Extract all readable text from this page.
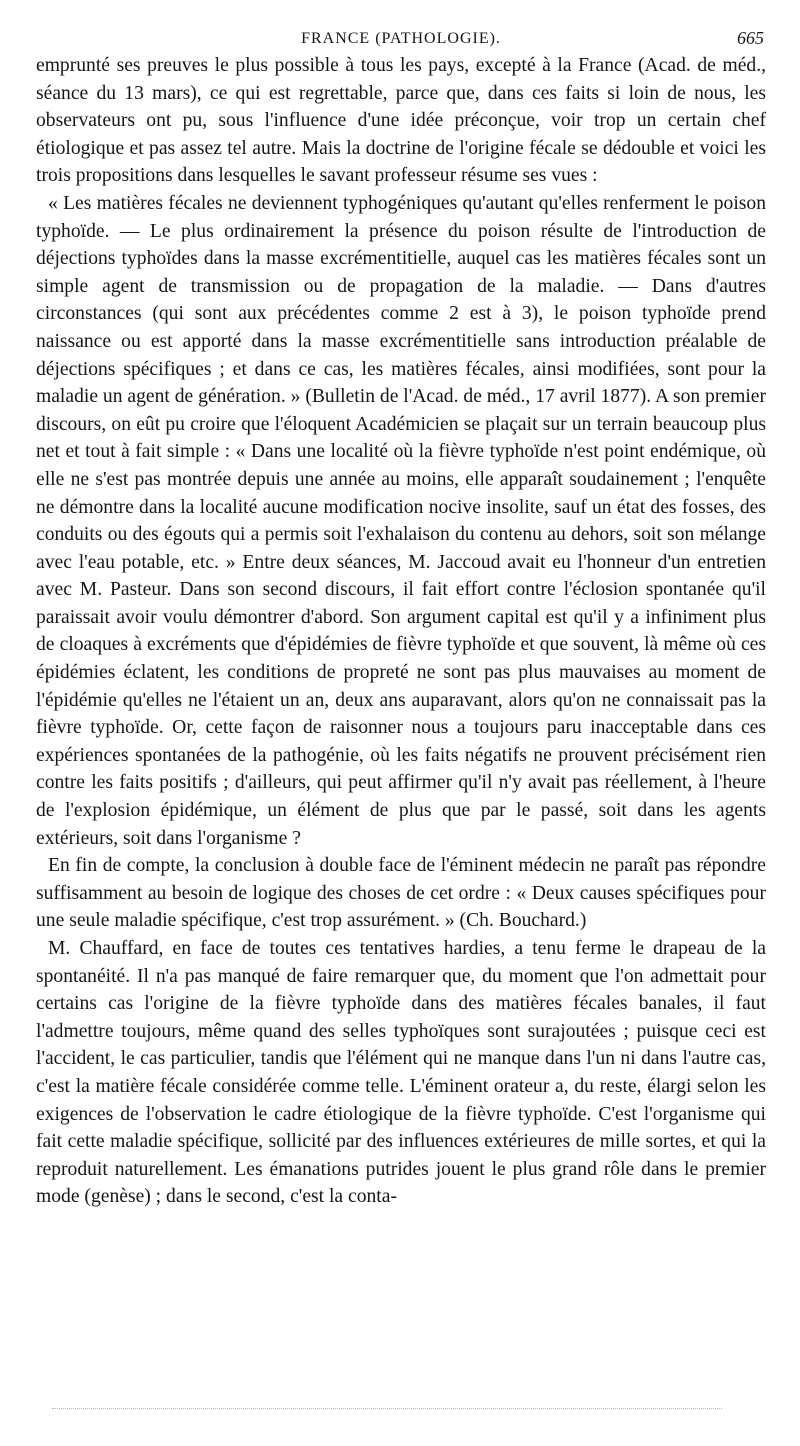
FRANCE (PATHOLOGIE).	665

emprunté ses preuves le plus possible à tous les pays, excepté à la France (Acad. de méd., séance du 13 mars), ce qui est regrettable, parce que, dans ces faits si loin de nous, les observateurs ont pu, sous l'influence d'une idée préconçue, voir trop un certain chef étiologique et pas assez tel autre. Mais la doctrine de l'origine fécale se dédouble et voici les trois propositions dans lesquelles le savant professeur résume ses vues :

« Les matières fécales ne deviennent typhogéniques qu'autant qu'elles renferment le poison typhoïde. — Le plus ordinairement la présence du poison résulte de l'introduction de déjections typhoïdes dans la masse excrémentitielle, auquel cas les matières fécales sont un simple agent de transmission ou de propagation de la maladie. — Dans d'autres circonstances (qui sont aux précédentes comme 2 est à 3), le poison typhoïde prend naissance ou est apporté dans la masse excrémentitielle sans introduction préalable de déjections spécifiques ; et dans ce cas, les matières fécales, ainsi modifiées, sont pour la maladie un agent de génération. » (Bulletin de l'Acad. de méd., 17 avril 1877). A son premier discours, on eût pu croire que l'éloquent Académicien se plaçait sur un terrain beaucoup plus net et tout à fait simple : « Dans une localité où la fièvre typhoïde n'est point endémique, où elle ne s'est pas montrée depuis une année au moins, elle apparaît soudainement ; l'enquête ne démontre dans la localité aucune modification nocive insolite, sauf un état des fosses, des conduits ou des égouts qui a permis soit l'exhalaison du contenu au dehors, soit son mélange avec l'eau potable, etc. » Entre deux séances, M. Jaccoud avait eu l'honneur d'un entretien avec M. Pasteur. Dans son second discours, il fait effort contre l'éclosion spontanée qu'il paraissait avoir voulu démontrer d'abord. Son argument capital est qu'il y a infiniment plus de cloaques à excréments que d'épidémies de fièvre typhoïde et que souvent, là même où ces épidémies éclatent, les conditions de propreté ne sont pas plus mauvaises au moment de l'épidémie qu'elles ne l'étaient un an, deux ans auparavant, alors qu'on ne connaissait pas la fièvre typhoïde. Or, cette façon de raisonner nous a toujours paru inacceptable dans ces expériences spontanées de la pathogénie, où les faits négatifs ne prouvent précisément rien contre les faits positifs ; d'ailleurs, qui peut affirmer qu'il n'y avait pas réellement, à l'heure de l'explosion épidémique, un élément de plus que par le passé, soit dans les agents extérieurs, soit dans l'organisme ?

En fin de compte, la conclusion à double face de l'éminent médecin ne paraît pas répondre suffisamment au besoin de logique des choses de cet ordre : « Deux causes spécifiques pour une seule maladie spécifique, c'est trop assurément. » (Ch. Bouchard.)

M. Chauffard, en face de toutes ces tentatives hardies, a tenu ferme le drapeau de la spontanéité. Il n'a pas manqué de faire remarquer que, du moment que l'on admettait pour certains cas l'origine de la fièvre typhoïde dans des matières fécales banales, il faut l'admettre toujours, même quand des selles typhoïques sont surajoutées ; puisque ceci est l'accident, le cas particulier, tandis que l'élément qui ne manque dans l'un ni dans l'autre cas, c'est la matière fécale considérée comme telle. L'éminent orateur a, du reste, élargi selon les exigences de l'observation le cadre étiologique de la fièvre typhoïde. C'est l'organisme qui fait cette maladie spécifique, sollicité par des influences extérieures de mille sortes, et qui la reproduit naturellement. Les émanations putrides jouent le plus grand rôle dans le premier mode (genèse) ; dans le second, c'est la conta-
